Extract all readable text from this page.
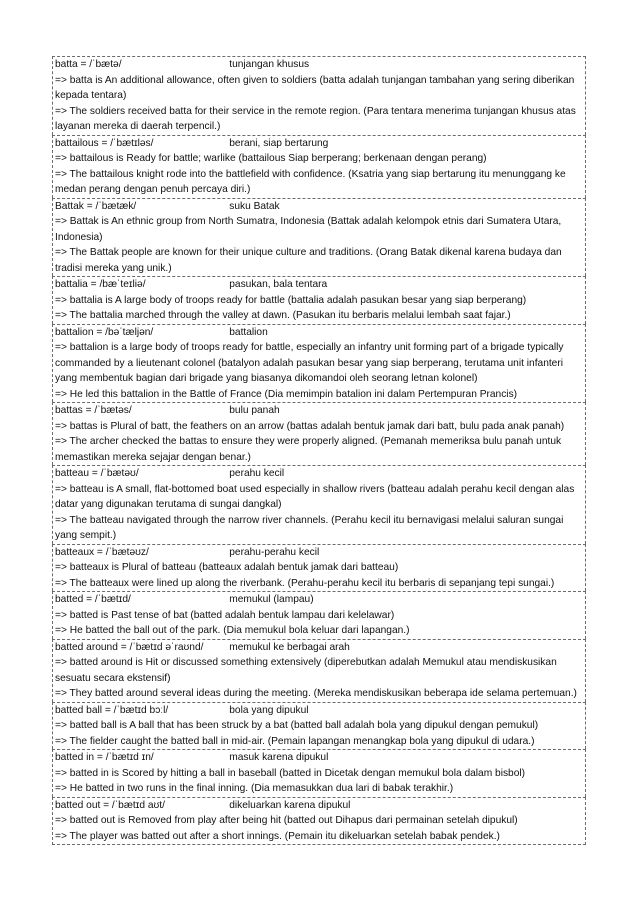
batta = /ˈbætə/	tunjangan khusus
=> batta is An additional allowance, often given to soldiers (batta adalah tunjangan tambahan yang sering diberikan kepada tentara)
=> The soldiers received batta for their service in the remote region. (Para tentara menerima tunjangan khusus atas layanan mereka di daerah terpencil.)
battailous = /ˈbætɪləs/	berani, siap bertarung
=> battailous is Ready for battle; warlike (battailous Siap berperang; berkenaan dengan perang)
=> The battailous knight rode into the battlefield with confidence. (Ksatria yang siap bertarung itu menunggang ke medan perang dengan penuh percaya diri.)
Battak = /ˈbætæk/	suku Batak
=> Battak is An ethnic group from North Sumatra, Indonesia (Battak adalah kelompok etnis dari Sumatera Utara, Indonesia)
=> The Battak people are known for their unique culture and traditions. (Orang Batak dikenal karena budaya dan tradisi mereka yang unik.)
battalia = /bæˈteɪliə/	pasukan, bala tentara
=> battalia is A large body of troops ready for battle (battalia adalah pasukan besar yang siap berperang)
=> The battalia marched through the valley at dawn. (Pasukan itu berbaris melalui lembah saat fajar.)
battalion = /bəˈtæljən/	battalion
=> battalion is a large body of troops ready for battle, especially an infantry unit forming part of a brigade typically commanded by a lieutenant colonel (batalyon adalah pasukan besar yang siap berperang, terutama unit infanteri yang membentuk bagian dari brigade yang biasanya dikomandoi oleh seorang letnan kolonel)
=> He led this battalion in the Battle of France (Dia memimpin batalion ini dalam Pertempuran Prancis)
battas = /ˈbætəs/	bulu panah
=> battas is Plural of batt, the feathers on an arrow (battas adalah bentuk jamak dari batt, bulu pada anak panah)
=> The archer checked the battas to ensure they were properly aligned. (Pemanah memeriksa bulu panah untuk memastikan mereka sejajar dengan benar.)
batteau = /ˈbætəʊ/	perahu kecil
=> batteau is A small, flat-bottomed boat used especially in shallow rivers (batteau adalah perahu kecil dengan alas datar yang digunakan terutama di sungai dangkal)
=> The batteau navigated through the narrow river channels. (Perahu kecil itu bernavigasi melalui saluran sungai yang sempit.)
batteaux = /ˈbætəʊz/	perahu-perahu kecil
=> batteaux is Plural of batteau (batteaux adalah bentuk jamak dari batteau)
=> The batteaux were lined up along the riverbank. (Perahu-perahu kecil itu berbaris di sepanjang tepi sungai.)
batted = /ˈbætɪd/	memukul (lampau)
=> batted is Past tense of bat (batted adalah bentuk lampau dari kelelawar)
=> He batted the ball out of the park. (Dia memukul bola keluar dari lapangan.)
batted around = /ˈbætɪd əˈraʊnd/	memukul ke berbagai arah
=> batted around is Hit or discussed something extensively (diperebutkan adalah Memukul atau mendiskusikan sesuatu secara ekstensif)
=> They batted around several ideas during the meeting. (Mereka mendiskusikan beberapa ide selama pertemuan.)
batted ball = /ˈbætɪd bɔːl/	bola yang dipukul
=> batted ball is A ball that has been struck by a bat (batted ball adalah bola yang dipukul dengan pemukul)
=> The fielder caught the batted ball in mid-air. (Pemain lapangan menangkap bola yang dipukul di udara.)
batted in = /ˈbætɪd ɪn/	masuk karena dipukul
=> batted in is Scored by hitting a ball in baseball (batted in Dicetak dengan memukul bola dalam bisbol)
=> He batted in two runs in the final inning. (Dia memasukkan dua lari di babak terakhir.)
batted out = /ˈbætɪd aʊt/	dikeluarkan karena dipukul
=> batted out is Removed from play after being hit (batted out Dihapus dari permainan setelah dipukul)
=> The player was batted out after a short innings. (Pemain itu dikeluarkan setelah babak pendek.)
